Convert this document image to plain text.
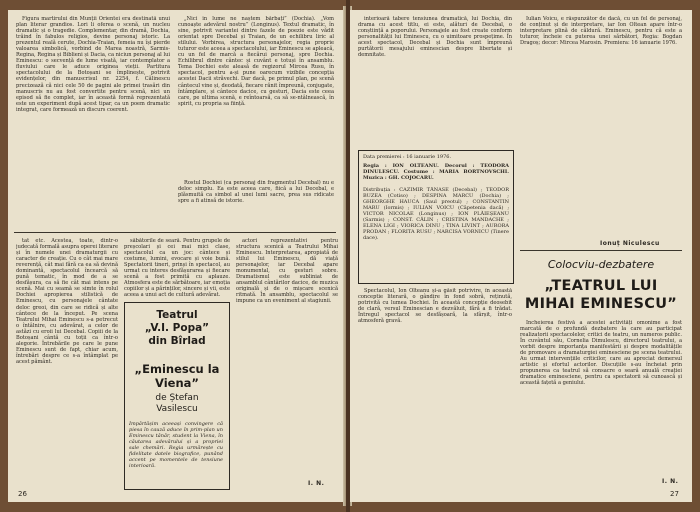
Figura martirului din Munții Orientei era destinată unui plan literar grandios. Lori li oferea o scenă, un nucleu dramatic și o tragedie. Complementar, din dramă, Dochia, trăind în fabulos religios, devine personaj istoric. La prezentul reală cerute, Dochia-Traian, femeia nu își pierde valoarea simbolică, vorbind de Marea noastră, Sarmis-Regina, Regina și Biblieni și Dacia, ca niciun personaj al lui Eminescu: o secvență de lume visată, iar contemplator a fluviului care le aduce originea vieții. Partitura spectacolului de la Botoșani se împlinește, potrivit evidențelor, din manuscrisul nr. 2254, f. Călinescu precizează că nici cele 50 de pagini ale primei trasări din manuscris nu au fost convertite pentru scenă, nici un episod să fie complet, iar în această formă reprezentată este un experiment după acest tipar, ca un poem dramatic integrat, care formează un discurs coerent.

„Nici în lume ne naștem bărbați” (Dochia). „Vom cunoaște adevărul nostru” (Longinus). Textul dramatic, în sine, potrivit variantei dintre fazele de poezie este vădit orientat spre Decebal și Traian, de un echilibru liric al stilului. Vorbirea, structura personajelor, regia proprie tuturor este aceea a spectacolului, iar Eminescu se apleacă, cu un fel de marcă a fiecărui personaj, spre Dochia. Echilibrul dintre cântec și cuvânt e totuși în ansamblu. Tema Dochiei este aleasă de regizorul Mircea Rusu, în spectacol, pentru a-și pune oarecum vizibile concepția acestei Dacii străvechi. Dar dacă, pe primul plan, pe scenă cântecul vine și, deodată, fiecare rănit împreună, conjugate, întâmplare, și cântece dacice, cu gesturi, Dacia este ceea care, pe ultima scenă, e reîntoarsă, ca să se-ntâlnească, în spirit, cu propria sa ființă.

Rostul Dochiei (ca personaj din fragmentul Decebal) nu e deloc simplu. Ea este aceea care, fiică a lui Decebal, e plăsmuită ca simbol al unei lumi sacre, prea sus ridicate spre a fi atinsă de istorie.

tat etc. Acestea, toate, dintr-o judecată formală asupra operei literare și în numele unei dramaturgii cu caracter de creație. Cu o cât mai mare reverență, cât mai fără ca ea să devină dominantă, spectacolul încearcă să pună tematic, în mod de a se desfășura, ca să fie cât mai intens pe scenă. Mai cu seamă se simte în rolul Dochiei apropierea stilistică de Eminescu, cu personajele cântate deloc greoi, din care se ridică și alte cântece de la început. Pe scena Teatrului Mihai Eminescu s-a petrecut o întâlnire, cu adevărat, a celor de astăzi cu eroii lui Decebal. Copiii de la Botoșani cântă cu toții ca într-o alegorie. Întrebările pe care le pune Eminescu sunt de fapt, chiar acum, întrebări despre ce s-a întâmplat pe acest pământ.

săbătorile de seară. Pentru grupele de preșcolari și cei mai mici clase, spectacolul ca un joc: cântece și costume, lumini, evocare și voie bună. Spectatorii tineri, prinși în spectacol, au urmat cu interes desfășurarea și fiecare scenă a fost primită cu aplauze. Atmosfera este de sărbătoare, iar emoția copiilor și a părinților, sincere și vii, este aceea a unui act de cultură adevărat.

actori reprezentativi pentru structura scenică a Teatrului Mihai Eminescu. Interpretarea, apropiată de stilul lui Eminescu, dă viață personajelor, iar Decebal apare monumental, cu gesturi sobre. Dramatismul este subliniat de ansamblul cântărilor dacice, de muzica originală și de o mișcare scenică ritmată. În ansamblu, spectacolul se impune ca un eveniment al stagiunii.

Teatrul
„V.I. Popa”
din Bîrlad
„Eminescu la
Viena”
de Ștefan
Vasilescu
Impărtășim aceeași convingere că piesa în cauză aduce în prim-plan un Eminescu tânăr, student la Viena, în căutarea adevărului și a propriei sale chemări. Regia urmărește cu fidelitate datele biografice, punând accent pe momentele de tensiune interioară.
I. N.
26

interioară tabere tensiunea dramatică, lui Dochia, din drama cu acest titlu, ei este, alături de Decebal, o conștiință a poporului. Personajele au fost create conform personalității lui Eminescu, cu o uimitoare prospețime. În acest spectacol, Decebal și Dochia sunt împreună purtătorii mesajului eminescian despre libertate și demnitate.

Iulian Voicu, e răspunzător de dacă, cu un fel de personaj, de conținut și de interpretare, iar Ion Oltean apare într-o interpretare plină de căldură. Eminescu, pentru că este a tuturor, încheie cu puterea unei sărbători, Regia: Bogdan Dragoș; decor: Mircea Marosin. Premiera: 16 ianuarie 1976.

Data premierei : 16 ianuarie 1976.
Regia : ION OLTEANU. Decorul : TEODORA DINULESCU. Costume : MARIA BORTNOVSCHI. Muzica : GH. COJOCARU.
Distribuția : CAZIMIR TĂNASE (Decebal) ; TEODOR BUZEA (Cotiso) ; DESPINA MARCU (Dochia) ; GHEORGHE HAUCA (Saul preotul) ; CONSTANTIN MARU (Iormis) ; IULIAN VOICU (Căpetenia dacă) ; VICTOR NICOLAE (Longinus) ; ION PLĂIEȘEANU (Sarmis) ; CONST. CĂLIN ; CRISTINA MANDACHE ; ELENA LIGI ; VIORICA DINU ; TINA LIVINT ; AURORA PRODAN ; FLORITA RUSU ; NARCISA VORNICU (Tinere dace).

Spectacolul, Ion Olteanu și-a găsit potrivire, în această conceptie literară, o gândire în fond sobră, reținută, potrivită cu lumea Dochiei. În această concepție deosebit de clară, versul Eminescian e dezvăluit, fără a fi trădat. Întregul spectacol se desfășoară, la sfârșit, într-o atmosferă gravă.

Ionuț Niculescu
Colocviu-dezbatere
„TEATRUL LUI
MIHAI EMINESCU”

Încheierea festivă a acestei activități omonime a fost marcată de o profundă dezbatere la care au participat realizatorii spectacolelor, critici de teatru, un numeros public. În cuvântul său, Cornelia Dimulescu, directorul teatrului, a vorbit despre importanța manifestării și despre modalitățile de promovare a dramaturgiei eminesciene pe scena teatrului. Au urmat intervențiile criticilor, care au apreciat demersul artistic și efortul actorilor. Discuțiile s-au încheiat prin propunerea ca teatrul să consacre o seară anuală creației dramatice eminesciene, pentru ca spectatorii să cunoască și această fațetă a geniului.

I. N.
27
